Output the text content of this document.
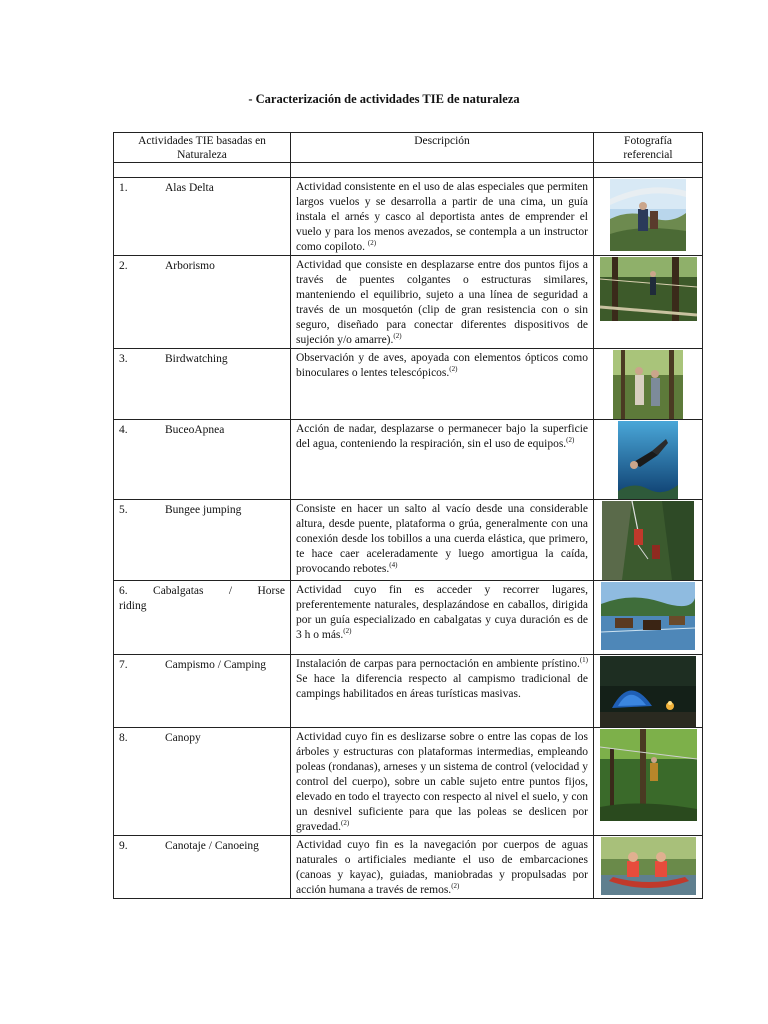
- Caracterización de actividades TIE de naturaleza
Actividades TIE basadas en Naturaleza	Descripción	Fotografía referencial

1. Alas Delta	Actividad consistente en el uso de alas especiales que permiten largos vuelos y se desarrolla a partir de una cima, un guía instala el arnés y casco al deportista antes de emprender el vuelo y para los menos avezados, se contempla a un instructor como copiloto. $^{(2)}$

2. Arborismo	Actividad que consiste en desplazarse entre dos puntos fijos a través de puentes colgantes o estructuras similares, manteniendo el equilibrio, sujeto a una línea de seguridad a través de un mosquetón (clip de gran resistencia con o sin seguro, diseñado para conectar diferentes dispositivos de sujeción y/o amarre).$^{(2)}$

3. Birdwatching	Observación y de aves, apoyada con elementos ópticos como binoculares o lentes telescópicos.$^{(2)}$

4. BuceoApnea	Acción de nadar, desplazarse o permanecer bajo la superficie del agua, conteniendo la respiración, sin el uso de equipos.$^{(2)}$

5. Bungee jumping	Consiste en hacer un salto al vacío desde una considerable altura, desde puente, plataforma o grúa, generalmente con una conexión desde los tobillos a una cuerda elástica, que primero, te hace caer aceleradamente y luego amortigua la caída, provocando rebotes.$^{(4)}$

6. Cabalgatas / Horse
riding	Actividad cuyo fin es acceder y recorrer lugares, preferentemente naturales, desplazándose en caballos, dirigida por un guía especializado en cabalgatas y cuya duración es de 3 h o más.$^{(2)}$

7. Campismo / Camping	Instalación de carpas para pernoctación en ambiente prístino.$^{(1)}$ Se hace la diferencia respecto al campismo tradicional de campings habilitados en áreas turísticas masivas.

8. Canopy	Actividad cuyo fin es deslizarse sobre o entre las copas de los árboles y estructuras con plataformas intermedias, empleando poleas (rondanas), arneses y un sistema de control (velocidad y control del cuerpo), sobre un cable sujeto entre puntos fijos, elevado en todo el trayecto con respecto al nivel el suelo, y con un desnivel suficiente para que las poleas se deslicen por gravedad.$^{(2)}$

9. Canotaje / Canoeing	Actividad cuyo fin es la navegación por cuerpos de aguas naturales o artificiales mediante el uso de embarcaciones (canoas y kayac), guiadas, maniobradas y propulsadas por acción humana a través de remos.$^{(2)}$
